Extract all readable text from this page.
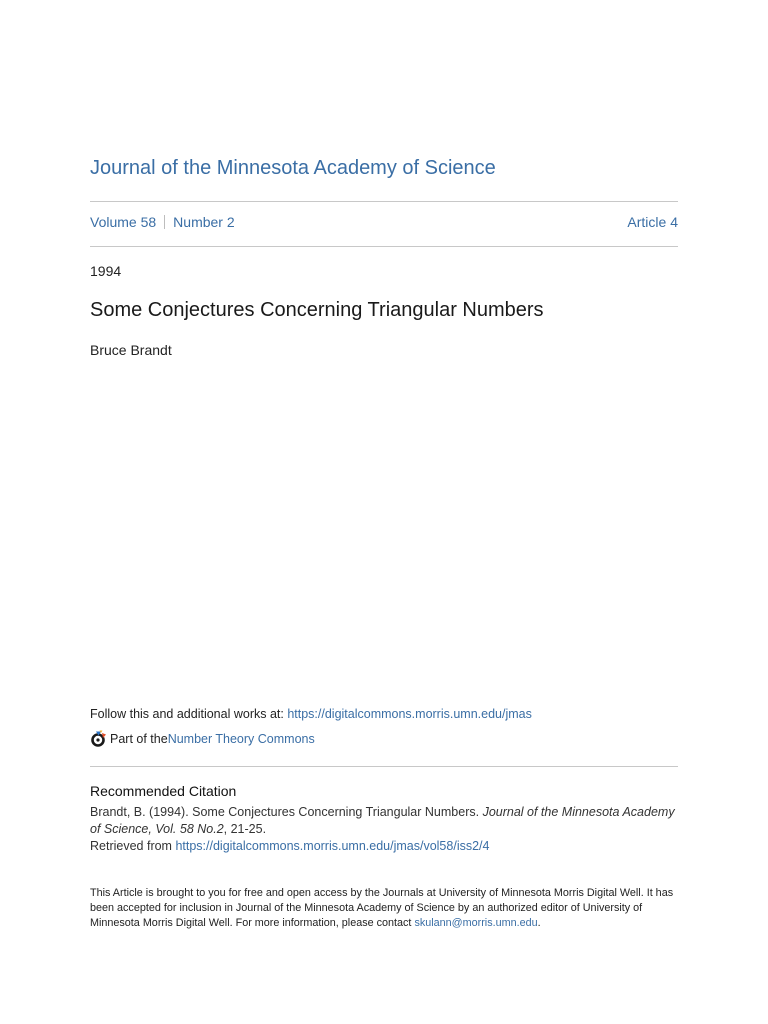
Journal of the Minnesota Academy of Science
Volume 58 Number 2	Article 4
1994
Some Conjectures Concerning Triangular Numbers
Bruce Brandt
Follow this and additional works at: https://digitalcommons.morris.umn.edu/jmas
Part of the Number Theory Commons
Recommended Citation
Brandt, B. (1994). Some Conjectures Concerning Triangular Numbers. Journal of the Minnesota Academy of Science, Vol. 58 No.2, 21-25.
Retrieved from https://digitalcommons.morris.umn.edu/jmas/vol58/iss2/4
This Article is brought to you for free and open access by the Journals at University of Minnesota Morris Digital Well. It has been accepted for inclusion in Journal of the Minnesota Academy of Science by an authorized editor of University of Minnesota Morris Digital Well. For more information, please contact skulann@morris.umn.edu.
